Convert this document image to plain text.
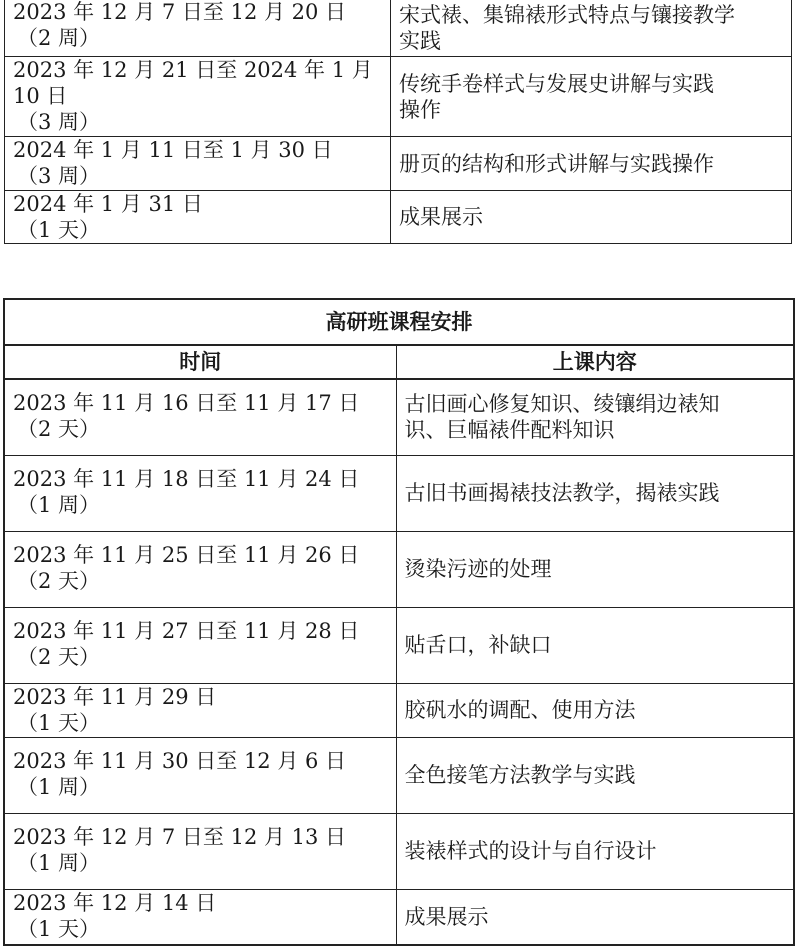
2023 年 12 月 7 日至 12 月 20 日
（2 周）	宋式裱、集锦裱形式特点与镶接教学
实践

2023 年 12 月 21 日至 2024 年 1 月
10 日
（3 周）	传统手卷样式与发展史讲解与实践
操作

2024 年 1 月 11 日至 1 月 30 日
（3 周）	册页的结构和形式讲解与实践操作

2024 年 1 月 31 日
（1 天）	成果展示
高研班课程安排	
时间	上课内容

2023 年 11 月 16 日至 11 月 17 日
（2 天）	古旧画心修复知识、绫镶绢边裱知
识、巨幅裱件配料知识

2023 年 11 月 18 日至 11 月 24 日
（1 周）	古旧书画揭裱技法教学，揭裱实践

2023 年 11 月 25 日至 11 月 26 日
（2 天）	烫染污迹的处理

2023 年 11 月 27 日至 11 月 28 日
（2 天）	贴舌口，补缺口

2023 年 11 月 29 日
（1 天）	胶矾水的调配、使用方法

2023 年 11 月 30 日至 12 月 6 日
（1 周）	全色接笔方法教学与实践

2023 年 12 月 7 日至 12 月 13 日
（1 周）	装裱样式的设计与自行设计

2023 年 12 月 14 日
（1 天）	成果展示
